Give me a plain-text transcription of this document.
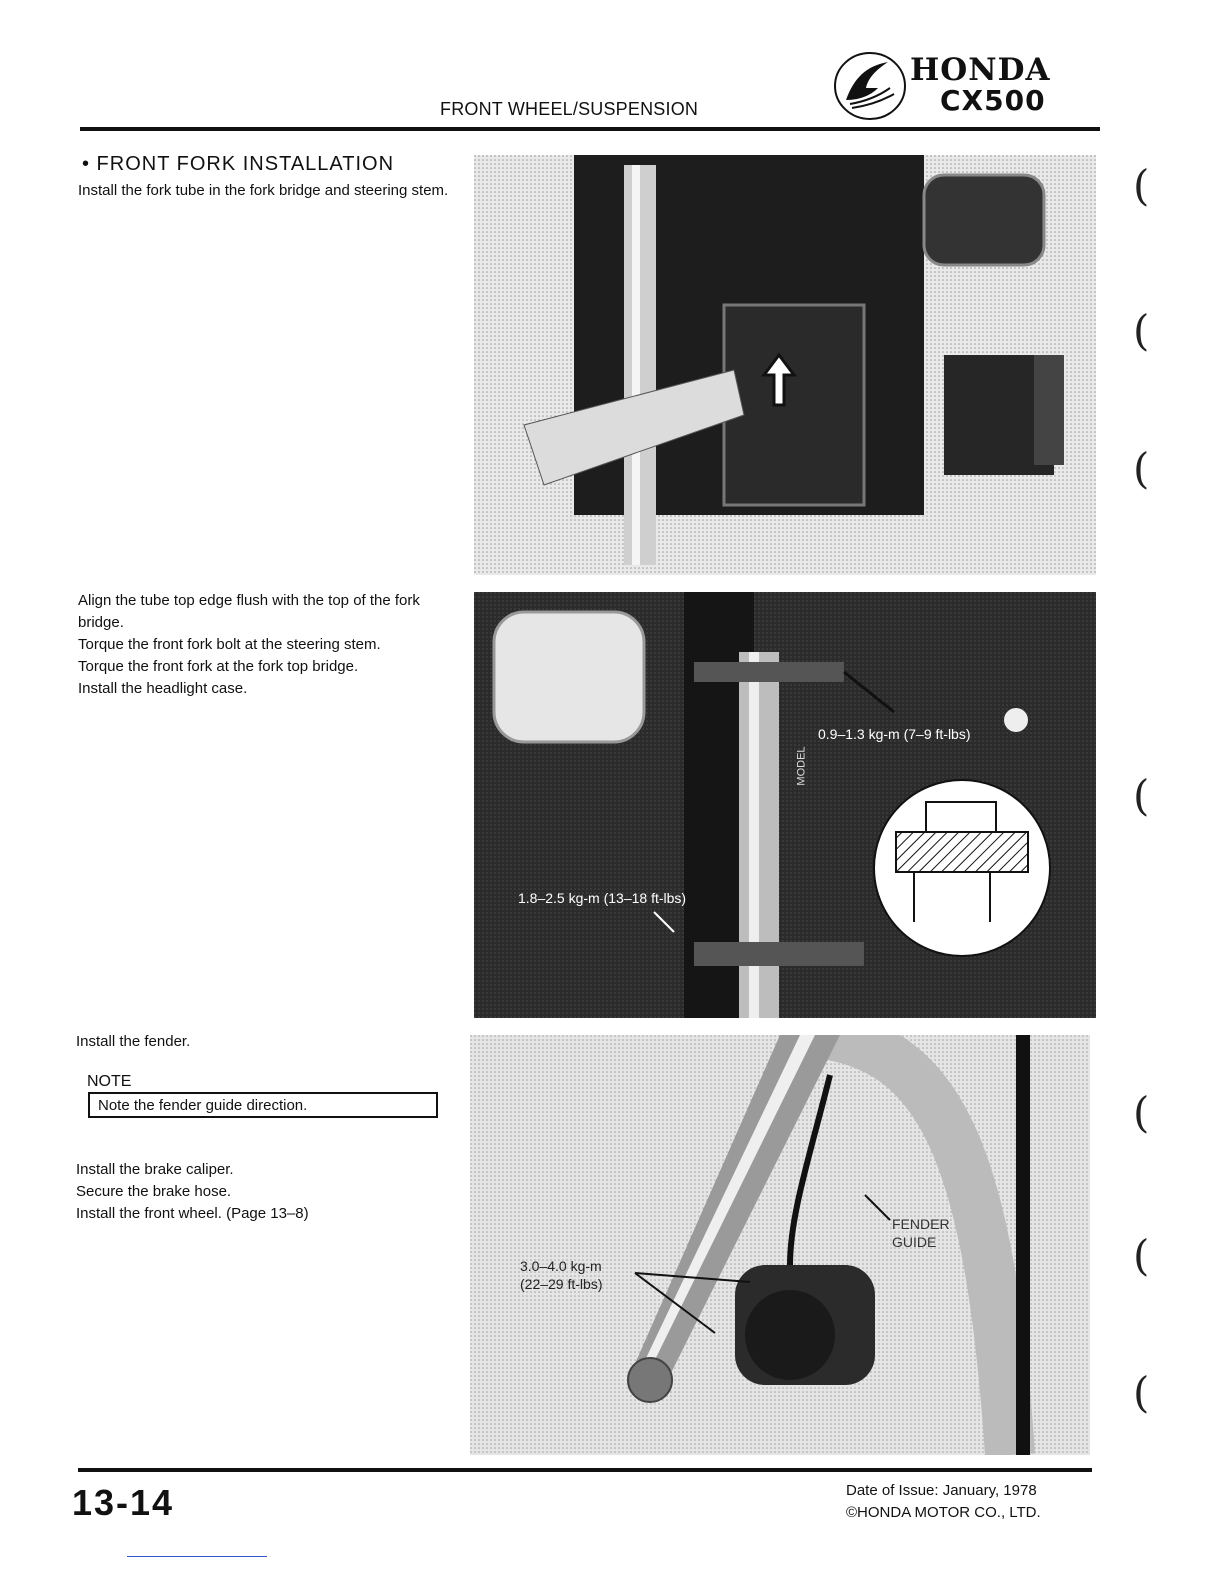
FRONT WHEEL/SUSPENSION
HONDA
CX500
• FRONT FORK INSTALLATION
Install the fork tube in the fork bridge and steering stem.
Align the tube top edge flush with the top of the fork bridge.
Torque the front fork bolt at the steering stem.
Torque the front fork at the fork top bridge.
Install the headlight case.
Install the fender.
NOTE
Note the fender guide direction.
Install the brake caliper.
Secure the brake hose.
Install the front wheel. (Page 13–8)
0.9–1.3 kg-m (7–9 ft-lbs)
1.8–2.5 kg-m (13–18 ft-lbs)
MODEL
FENDER
GUIDE
3.0–4.0 kg-m
(22–29 ft-lbs)
(
(
(
(
(
(
(
13-14	Date of Issue: January, 1978
©HONDA MOTOR CO., LTD.
